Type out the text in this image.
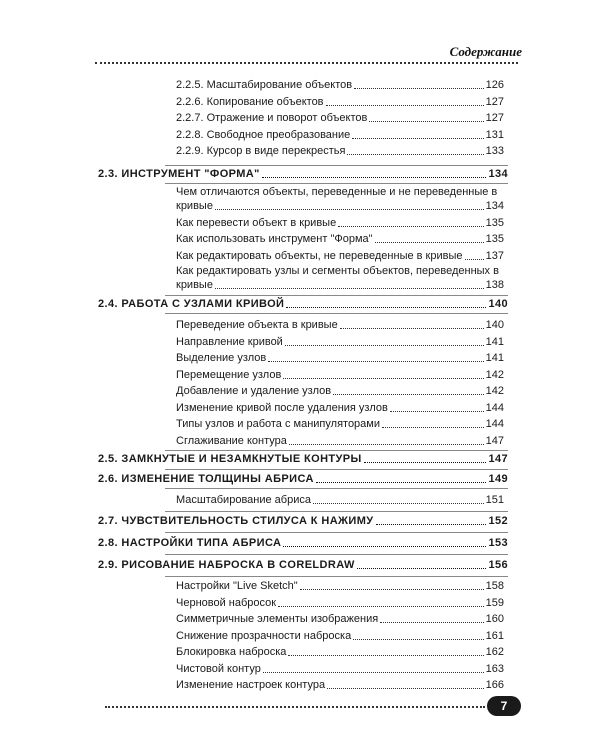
Содержание
2.2.5. Масштабирование объектов	126
2.2.6. Копирование объектов	127
2.2.7. Отражение и поворот объектов	127
2.2.8. Свободное преобразование	131
2.2.9. Курсор в виде перекрестья	133
2.3. ИНСТРУМЕНТ "ФОРМА"	134
Чем отличаются объекты, переведенные и не переведенные в
кривые	134
Как перевести объект в кривые	135
Как использовать инструмент "Форма"	135
Как редактировать объекты, не переведенные в кривые 137
Как редактировать узлы и сегменты объектов, переведенных в
кривые	138
2.4. РАБОТА С УЗЛАМИ КРИВОЙ	140
Переведение объекта в кривые	140
Направление кривой	141
Выделение узлов	141
Перемещение узлов	142
Добавление и удаление узлов	142
Изменение кривой после удаления узлов	144
Типы узлов и работа с манипуляторами	144
Сглаживание контура	147
2.5. ЗАМКНУТЫЕ И НЕЗАМКНУТЫЕ КОНТУРЫ	147
2.6. ИЗМЕНЕНИЕ ТОЛЩИНЫ АБРИСА	149
Масштабирование абриса	151
2.7. ЧУВСТВИТЕЛЬНОСТЬ СТИЛУСА К НАЖИМУ	152
2.8. НАСТРОЙКИ ТИПА АБРИСА	153
2.9. РИСОВАНИЕ НАБРОСКА В CORELDRAW	156
Настройки "Live Sketch"	158
Черновой набросок	159
Симметричные элементы изображения	160
Снижение прозрачности наброска	161
Блокировка наброска	162
Чистовой контур	163
Изменение настроек контура	166
7
